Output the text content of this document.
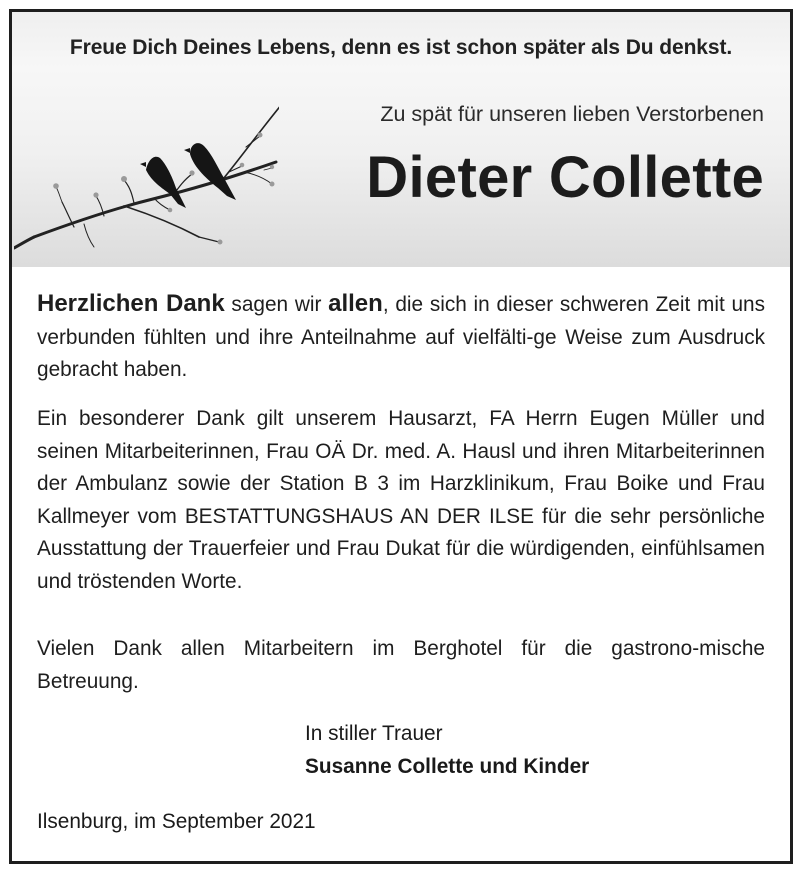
Freue Dich Deines Lebens, denn es ist schon später als Du denkst.
Zu spät für unseren lieben Verstorbenen
Dieter Collette
Herzlichen Dank sagen wir allen, die sich in dieser schweren Zeit mit uns verbunden fühlten und ihre Anteilnahme auf vielfälti-ge Weise zum Ausdruck gebracht haben.
Ein besonderer Dank gilt unserem Hausarzt, FA Herrn Eugen Müller und seinen Mitarbeiterinnen, Frau OÄ Dr. med. A. Hausl und ihren Mitarbeiterinnen der Ambulanz sowie der Station B 3 im Harzklinikum, Frau Boike und Frau Kallmeyer vom BESTATTUNGSHAUS AN DER ILSE für die sehr persönliche Ausstattung der Trauerfeier und Frau Dukat für die würdigenden, einfühlsamen und tröstenden Worte.
Vielen Dank allen Mitarbeitern im Berghotel für die gastrono-mische Betreuung.
In stiller Trauer
Susanne Collette und Kinder
Ilsenburg, im September 2021
